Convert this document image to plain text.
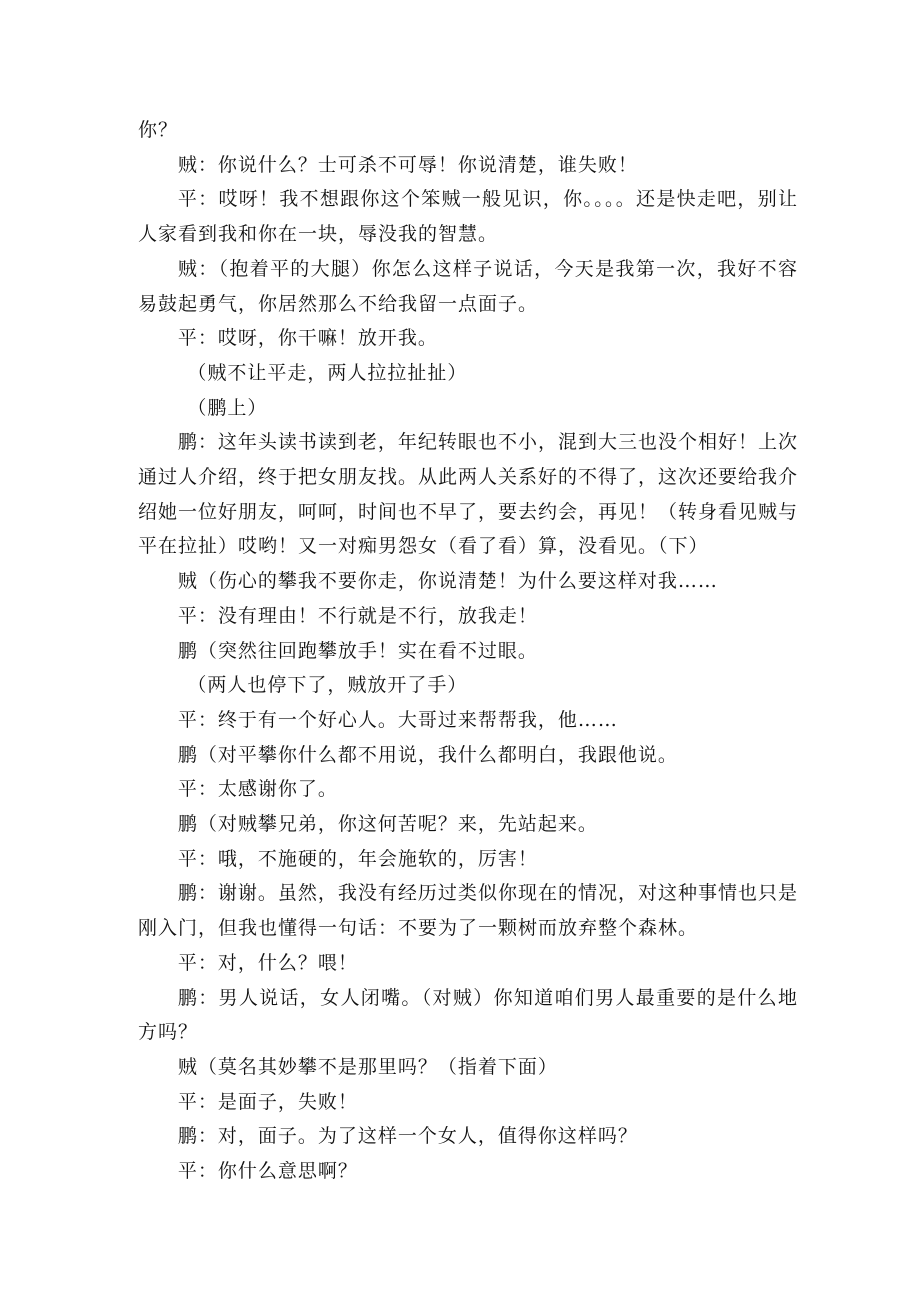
你？

贼：你说什么？士可杀不可辱！你说清楚，谁失败！

平：哎呀！我不想跟你这个笨贼一般见识，你。。。。还是快走吧，别让人家看到我和你在一块，辱没我的智慧。

贼：（抱着平的大腿）你怎么这样子说话，今天是我第一次，我好不容易鼓起勇气，你居然那么不给我留一点面子。

平：哎呀，你干嘛！放开我。

（贼不让平走，两人拉拉扯扯）

（鹏上）

鹏：这年头读书读到老，年纪转眼也不小，混到大三也没个相好！上次通过人介绍，终于把女朋友找。从此两人关系好的不得了，这次还要给我介绍她一位好朋友，呵呵，时间也不早了，要去约会，再见！（转身看见贼与平在拉扯）哎哟！又一对痴男怨女（看了看）算，没看见。（下）

贼（伤心的攀我不要你走，你说清楚！为什么要这样对我……

平：没有理由！不行就是不行，放我走！

鹏（突然往回跑攀放手！实在看不过眼。

（两人也停下了，贼放开了手）

平：终于有一个好心人。大哥过来帮帮我，他……

鹏（对平攀你什么都不用说，我什么都明白，我跟他说。

平：太感谢你了。

鹏（对贼攀兄弟，你这何苦呢？来，先站起来。

平：哦，不施硬的，年会施软的，厉害！

鹏：谢谢。虽然，我没有经历过类似你现在的情况，对这种事情也只是刚入门，但我也懂得一句话：不要为了一颗树而放弃整个森林。

平：对，什么？喂！

鹏：男人说话，女人闭嘴。（对贼）你知道咱们男人最重要的是什么地方吗？

贼（莫名其妙攀不是那里吗？（指着下面）

平：是面子，失败！

鹏：对，面子。为了这样一个女人，值得你这样吗？

平：你什么意思啊？
